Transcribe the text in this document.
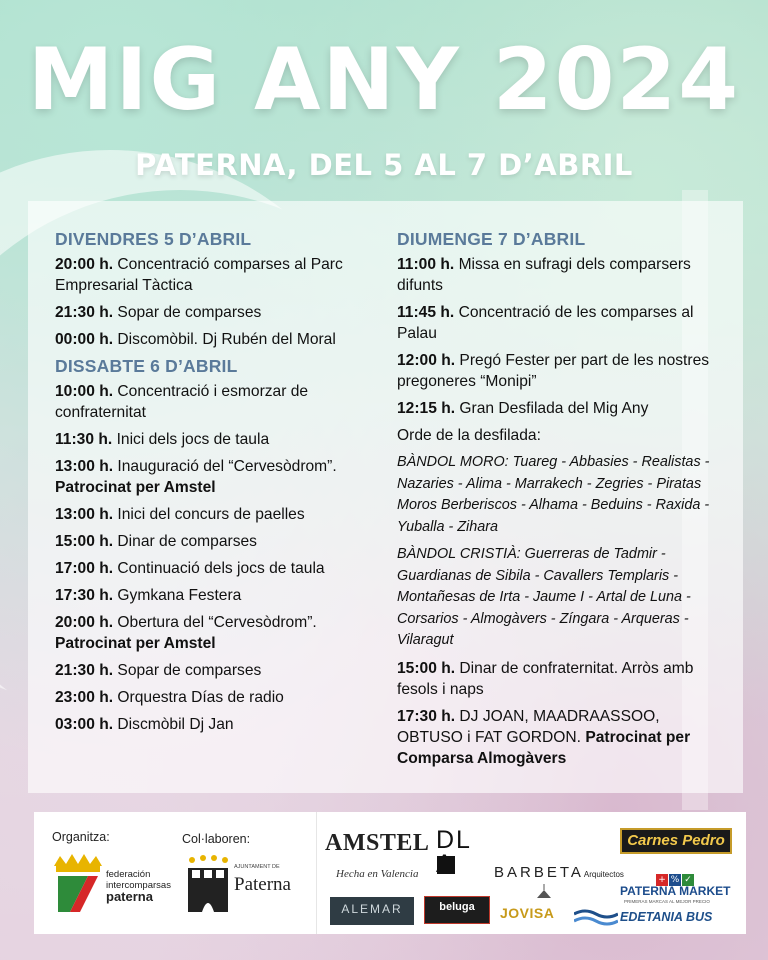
MIG ANY 2024
PATERNA, DEL 5 AL 7 D’ABRIL
DIVENDRES 5 D’ABRIL
20:00 h. Concentració comparses al Parc Empresarial Tàctica
21:30 h. Sopar de comparses
00:00 h. Discomòbil. Dj Rubén del Moral
DISSABTE 6 D’ABRIL
10:00 h. Concentració i esmorzar de confraternitat
11:30 h. Inici dels jocs de taula
13:00 h. Inauguració del “Cervesòdrom”. Patrocinat per Amstel
13:00 h. Inici del concurs de paelles
15:00 h. Dinar de comparses
17:00 h. Continuació dels jocs de taula
17:30 h. Gymkana Festera
20:00 h. Obertura del “Cervesòdrom”. Patrocinat per Amstel
21:30 h. Sopar de comparses
23:00 h. Orquestra Días de radio
03:00 h. Discmòbil Dj Jan
DIUMENGE 7 D’ABRIL
11:00 h. Missa en sufragi dels comparsers difunts
11:45 h. Concentració de les comparses al Palau
12:00 h. Pregó Fester per part de les nostres pregoneres “Monipi”
12:15 h. Gran Desfilada del Mig Any
Orde de la desfilada:
BÀNDOL MORO: Tuareg - Abbasies - Realistas - Nazaries - Alima - Marrakech - Zegries - Piratas Moros Berberiscos - Alhama - Beduins - Raxida - Yuballa - Zihara
BÀNDOL CRISTIÀ: Guerreras de Tadmir - Guardianas de Sibila - Cavallers Templaris - Montañesas de Irta - Jaume I - Artal de Luna - Corsarios - Almogàvers - Zíngara - Arqueras - Vilaragut
15:00 h. Dinar de confraternitat. Arròs amb fesols i naps
17:30 h. DJ JOAN, MAADRAASSOO, OBTUSO i FAT GORDON. Patrocinat per Comparsa Almogàvers
Organitza:
federación intercomparsas
paterna
Col·laboren:
AJUNTAMENT DE
Paterna
AMSTEL
Hecha en Valencia
DL
BARBETAArquitectos
Carnes Pedro
+ % ✓
PATERNA MARKET
PRIMERAS MARCAS AL MEJOR PRECIO
ALEMAR	beluga	JOVISA	EDETANIA BUS
